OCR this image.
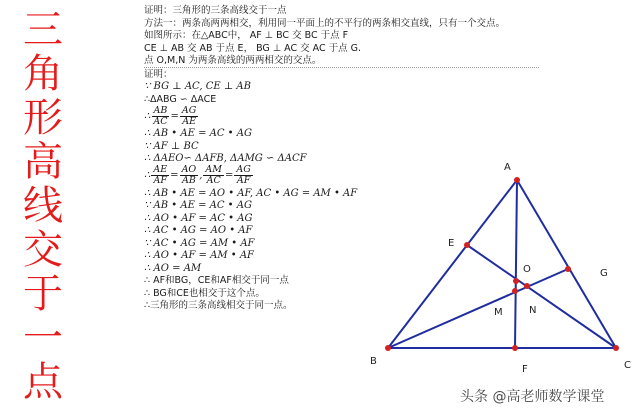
三
角
形
高
线
交
于
一
点
证明：三角形的三条高线交于一点
方法一：两条高两两相交，利用同一平面上的不平行的两条相交直线，只有一个交点。
如图所示：在△ABC中， AF ⊥ BC 交 BC 于点 F
CE ⊥ AB 交 AB 于点 E， BG ⊥ AC 交 AC 于点 G.
点 O,M,N 为两条高线的两两相交的交点。
证明：
∵ BG ⊥ AC, CE ⊥ AB
∴ΔABG ∽ ΔACE
∴ $\frac{AB}{AC} = \frac{AG}{AE}$
∴ AB • AE = AC • AG
∵ AF ⊥ BC
∴ ΔAEO∽ ΔAFB, ΔAMG ∽ ΔACF
∴ $\frac{AE}{AF} = \frac{AO}{AB}$ , $\frac{AM}{AC} = \frac{AG}{AF}$
∴ AB • AE = AO • AF, AC • AG = AM • AF
∵ AB • AE = AC • AG
∴ AO • AF = AC • AG
∴ AC • AG = AO • AF
∵ AC • AG = AM • AF
∴ AO • AF = AM • AF
∴ AO = AM
∴ AF和BG，CE和AF相交于同一点
∴ BG和CE也相交于这个点。
∴三角形的三条高线相交于同一点。
A
B	C
E
F
G
O
M	N
头条 @高老师数学课堂
